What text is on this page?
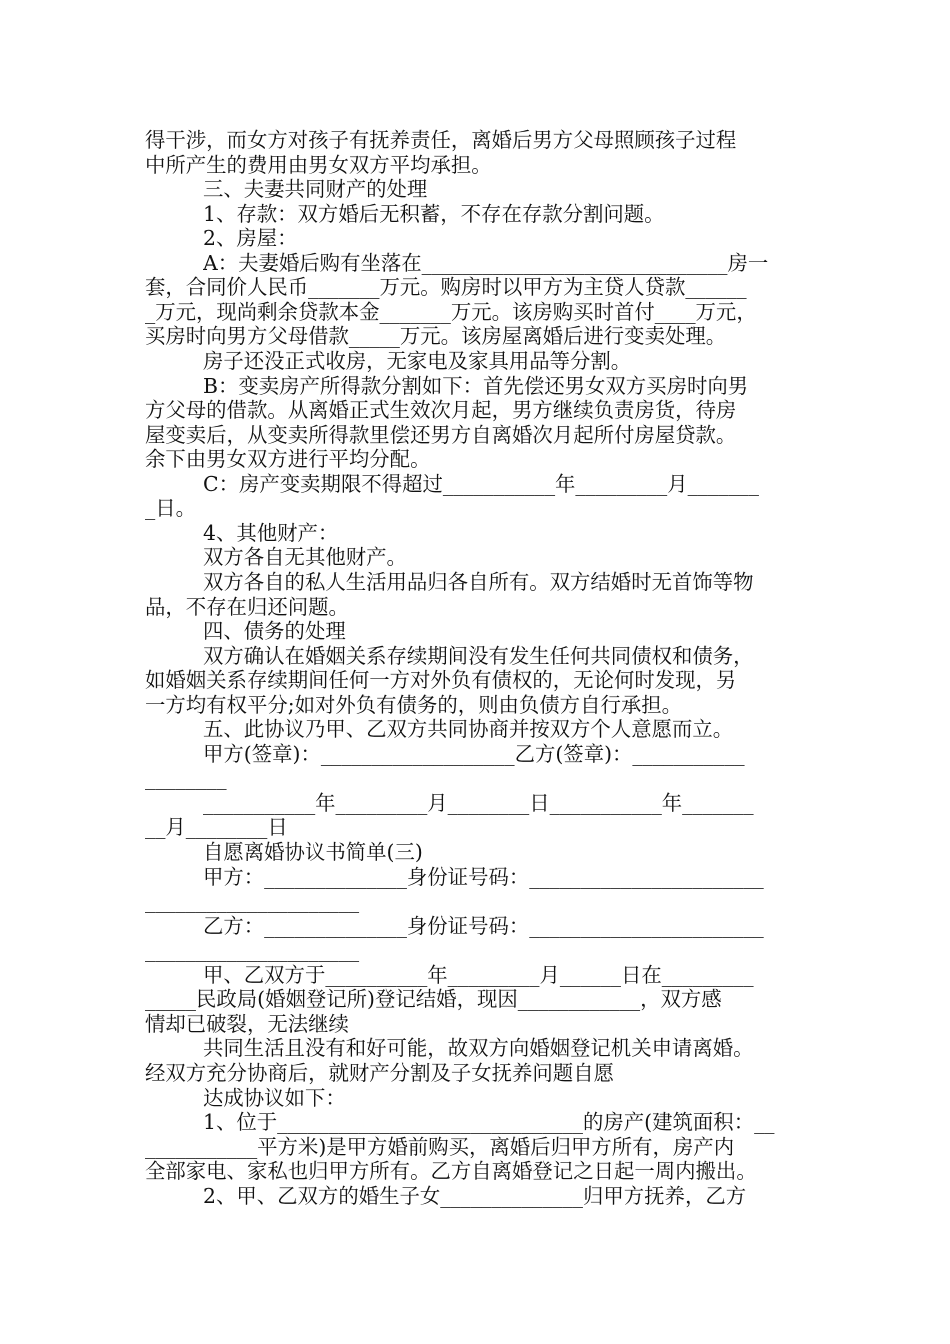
得干涉，而女方对孩子有抚养责任，离婚后男方父母照顾孩子过程
中所产生的费用由男女双方平均承担。
三、夫妻共同财产的处理
1、存款：双方婚后无积蓄，不存在存款分割问题。
2、房屋：
A：夫妻婚后购有坐落在______________________________房一
套，合同价人民币_______万元。购房时以甲方为主贷人贷款______
_万元，现尚剩余贷款本金_______万元。该房购买时首付____万元，
买房时向男方父母借款_____万元。该房屋离婚后进行变卖处理。
房子还没正式收房，无家电及家具用品等分割。
B：变卖房产所得款分割如下：首先偿还男女双方买房时向男
方父母的借款。从离婚正式生效次月起，男方继续负责房货，待房
屋变卖后，从变卖所得款里偿还男方自离婚次月起所付房屋贷款。
余下由男女双方进行平均分配。
C：房产变卖期限不得超过___________年_________月_______
_日。
4、其他财产：
双方各自无其他财产。
双方各自的私人生活用品归各自所有。双方结婚时无首饰等物
品，不存在归还问题。
四、债务的处理
双方确认在婚姻关系存续期间没有发生任何共同债权和债务，
如婚姻关系存续期间任何一方对外负有债权的，无论何时发现，另
一方均有权平分;如对外负有债务的，则由负债方自行承担。
五、此协议乃甲、乙双方共同协商并按双方个人意愿而立。
甲方(签章)：___________________乙方(签章)：___________
________
___________年_________月________日___________年_______
__月________日
自愿离婚协议书简单(三)
甲方：______________身份证号码：_______________________
_____________________
乙方：______________身份证号码：_______________________
_____________________
甲、乙双方于__________年_________月______日在_________
_____民政局(婚姻登记所)登记结婚，现因____________，双方感
情却已破裂，无法继续
共同生活且没有和好可能，故双方向婚姻登记机关申请离婚。
经双方充分协商后，就财产分割及子女抚养问题自愿
达成协议如下：
1、位于______________________________的房产(建筑面积：__
___________平方米)是甲方婚前购买，离婚后归甲方所有，房产内
全部家电、家私也归甲方所有。乙方自离婚登记之日起一周内搬出。
2、甲、乙双方的婚生子女______________归甲方抚养，乙方
